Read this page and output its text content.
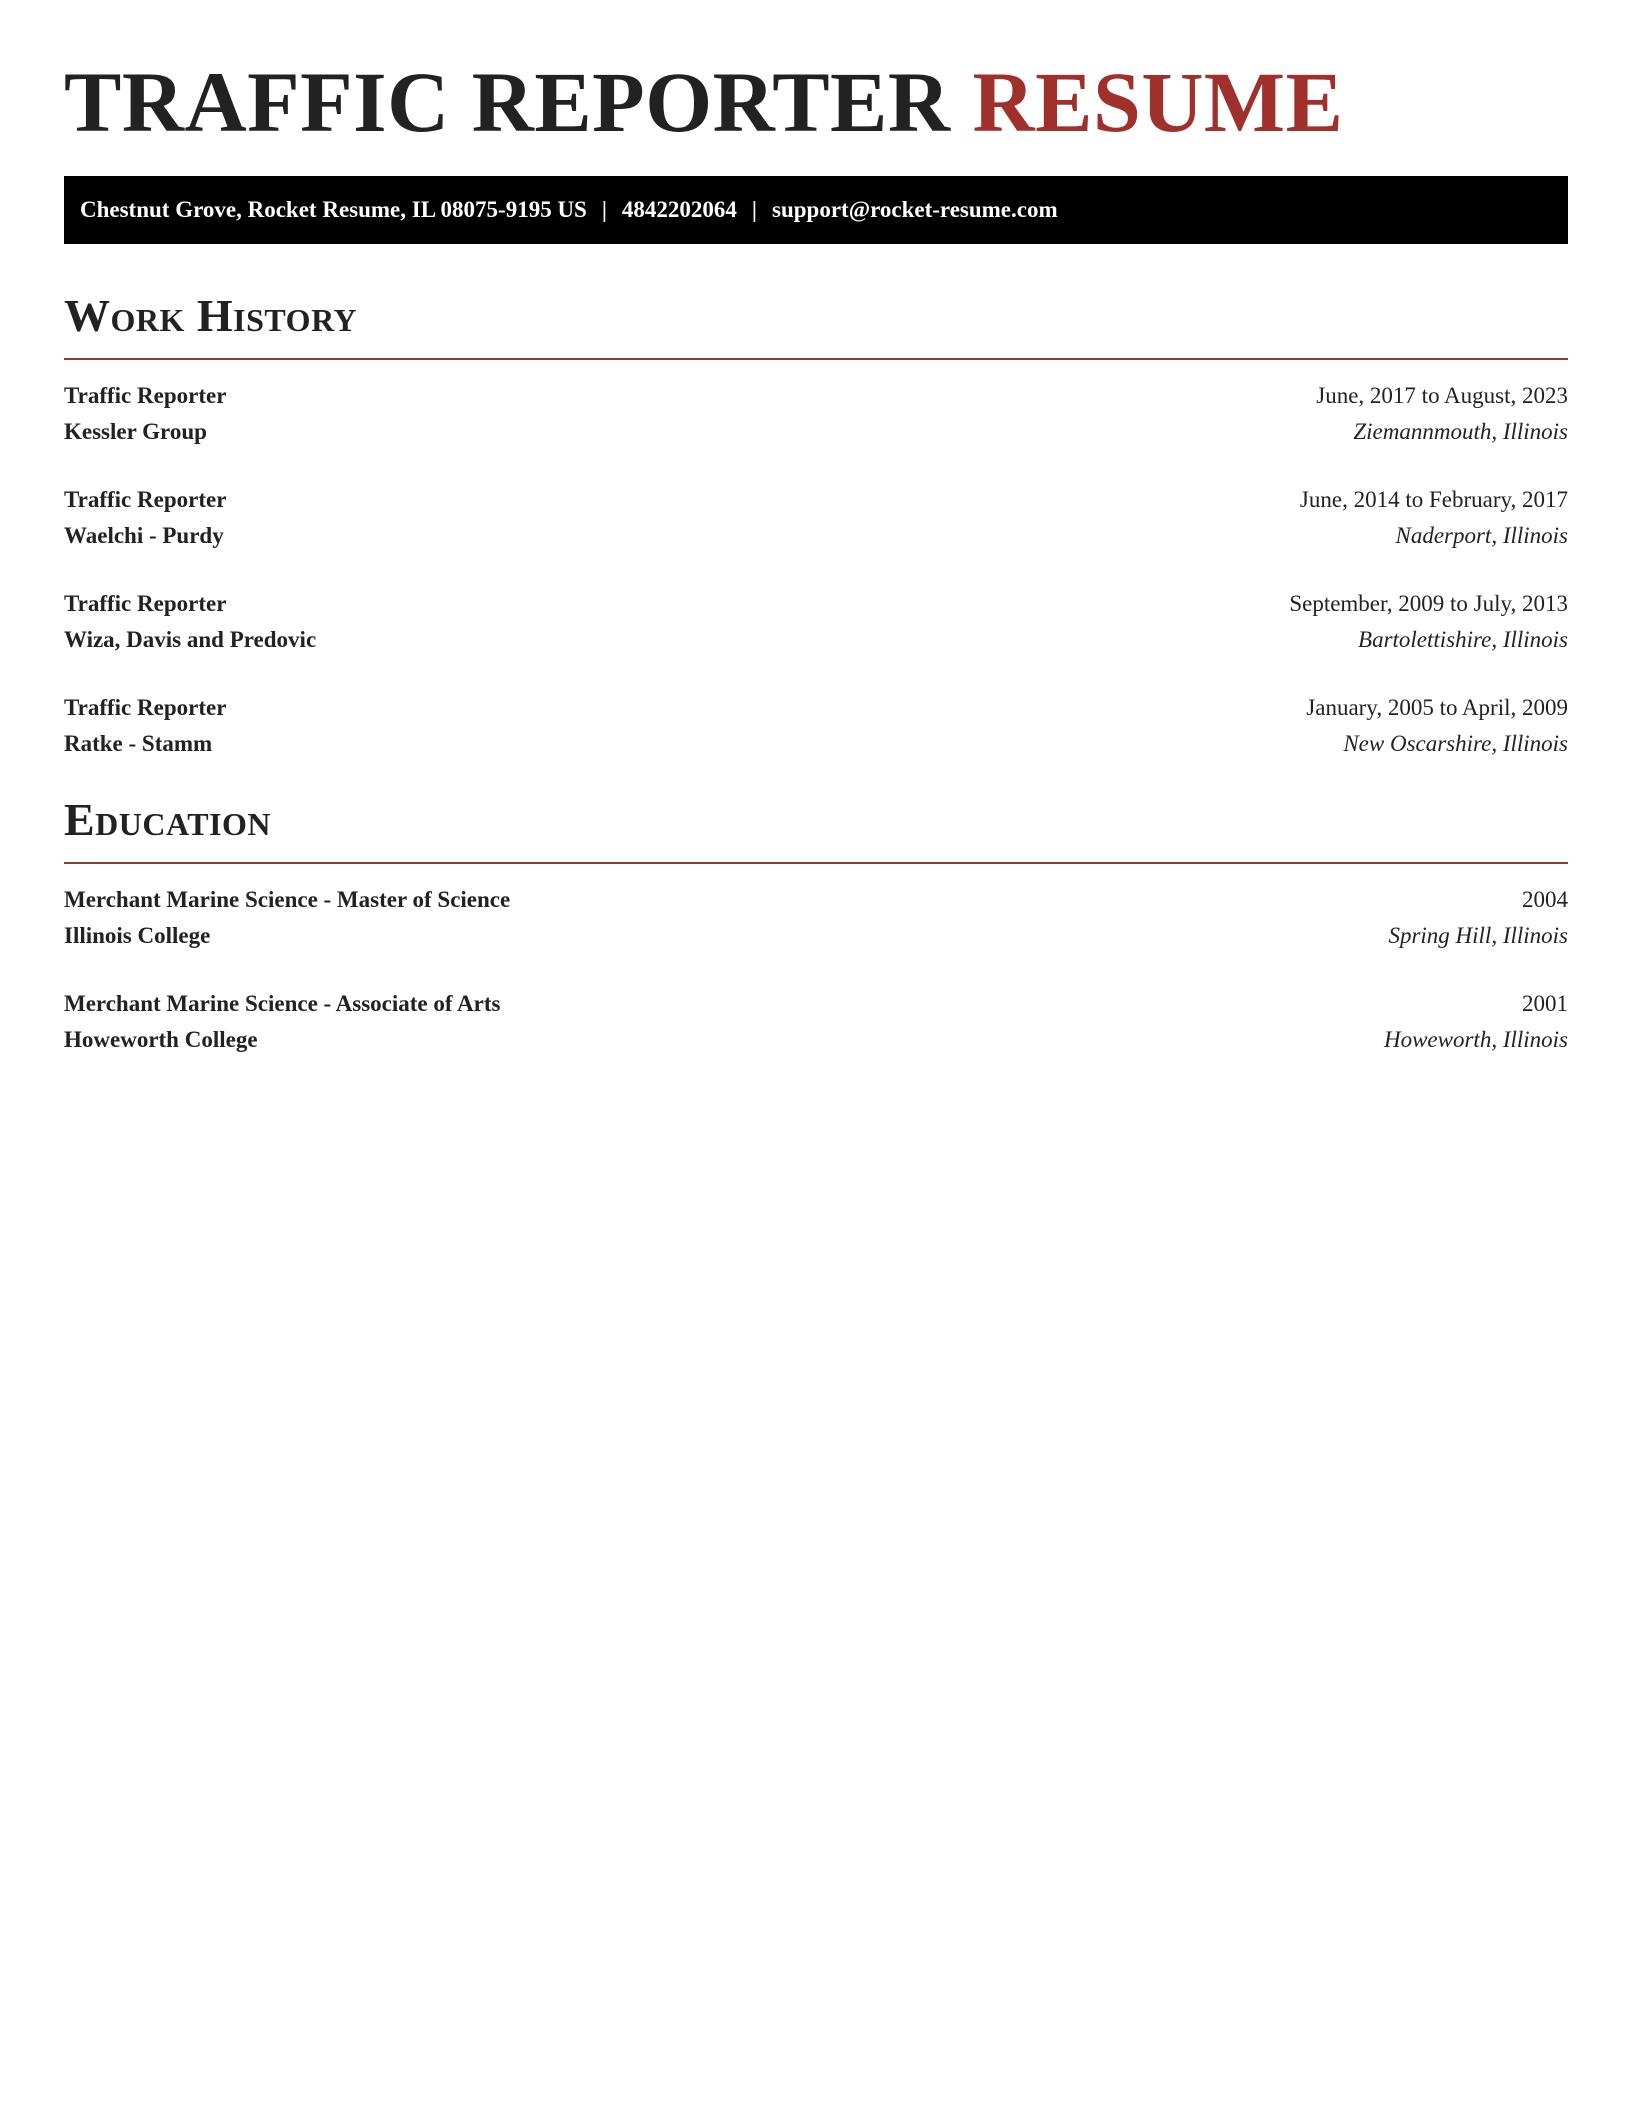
TRAFFIC REPORTER RESUME
Chestnut Grove, Rocket Resume, IL 08075-9195 US | 4842202064 | support@rocket-resume.com
Work History
Traffic Reporter	June, 2017 to August, 2023
Kessler Group	Ziemannmouth, Illinois
Traffic Reporter	June, 2014 to February, 2017
Waelchi - Purdy	Naderport, Illinois
Traffic Reporter	September, 2009 to July, 2013
Wiza, Davis and Predovic	Bartolettishire, Illinois
Traffic Reporter	January, 2005 to April, 2009
Ratke - Stamm	New Oscarshire, Illinois
Education
Merchant Marine Science - Master of Science	2004
Illinois College	Spring Hill, Illinois
Merchant Marine Science - Associate of Arts	2001
Howeworth College	Howeworth, Illinois
